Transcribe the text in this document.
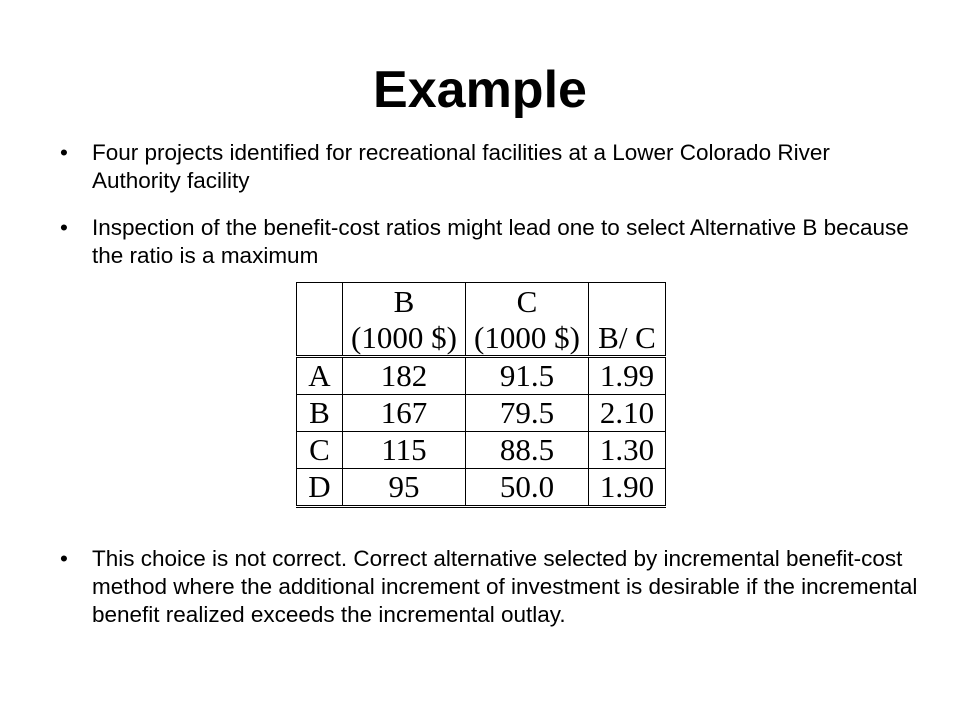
Example
•	Four projects identified for recreational facilities at a Lower Colorado River Authority facility
•	Inspection of the benefit-cost ratios might lead one to select Alternative B because the ratio is a maximum
	B	C	
	(1000 $)	(1000 $)	B/ C
A	182	91.5	1.99
B	167	79.5	2.10
C	115	88.5	1.30
D	95	50.0	1.90
•	This choice is not correct. Correct alternative selected by incremental benefit-cost method where the additional increment of investment is desirable if the incremental benefit realized exceeds the incremental outlay.
